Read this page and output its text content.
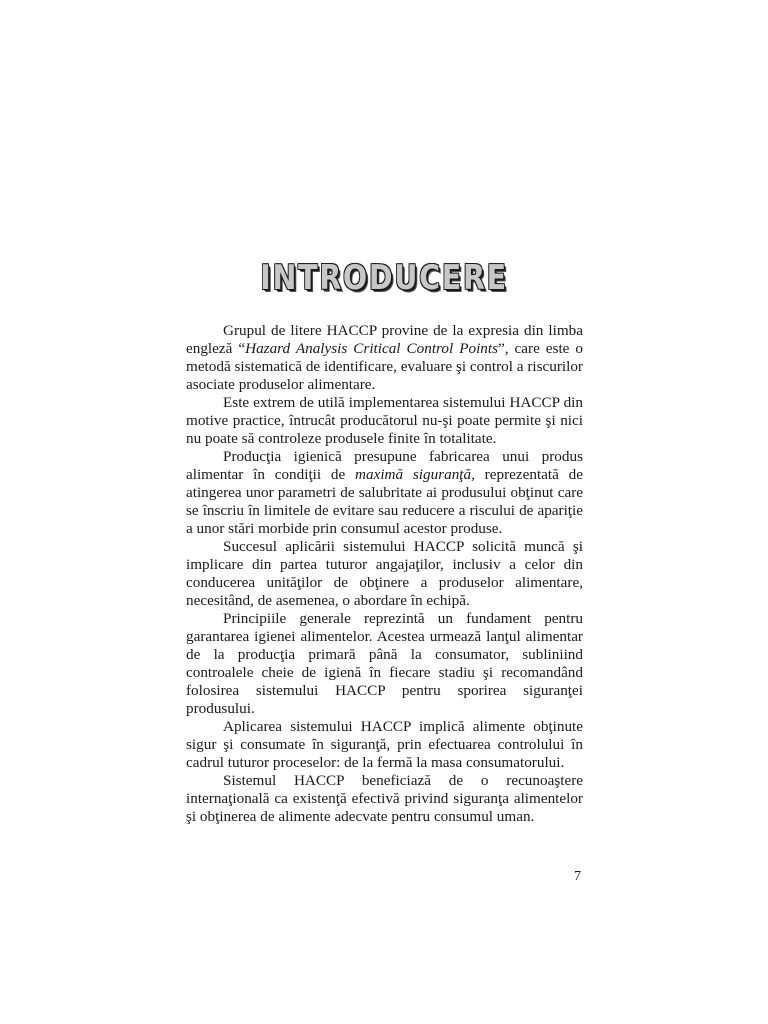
INTRODUCERE

Grupul de litere HACCP provine de la expresia din limba engleză “Hazard Analysis Critical Control Points”, care este o metodă sistematică de identificare, evaluare şi control a riscurilor asociate produselor alimentare.

Este extrem de utilă implementarea sistemului HACCP din motive practice, întrucât producătorul nu-şi poate permite şi nici nu poate să controleze produsele finite în totalitate.

Producţia igienică presupune fabricarea unui produs alimentar în condiţii de maximă siguranţă, reprezentată de atingerea unor parametri de salubritate ai produsului obţinut care se înscriu în limitele de evitare sau reducere a riscului de apariţie a unor stări morbide prin consumul acestor produse.

Succesul aplicării sistemului HACCP solicită muncă şi implicare din partea tuturor angajaţilor, inclusiv a celor din conducerea unităţilor de obţinere a produselor alimentare, necesitând, de asemenea, o abordare în echipă.

Principiile generale reprezintă un fundament pentru garantarea igienei alimentelor. Acestea urmează lanţul alimentar de la producţia primară până la consumator, subliniind controalele cheie de igienă în fiecare stadiu şi recomandând folosirea sistemului HACCP pentru sporirea siguranţei produsului.

Aplicarea sistemului HACCP implică alimente obţinute sigur şi consumate în siguranţă, prin efectuarea controlului în cadrul tuturor proceselor: de la fermă la masa consumatorului.

Sistemul HACCP beneficiază de o recunoaştere internaţională ca existenţă efectivă privind siguranţa alimentelor şi obţinerea de alimente adecvate pentru consumul uman.

7
